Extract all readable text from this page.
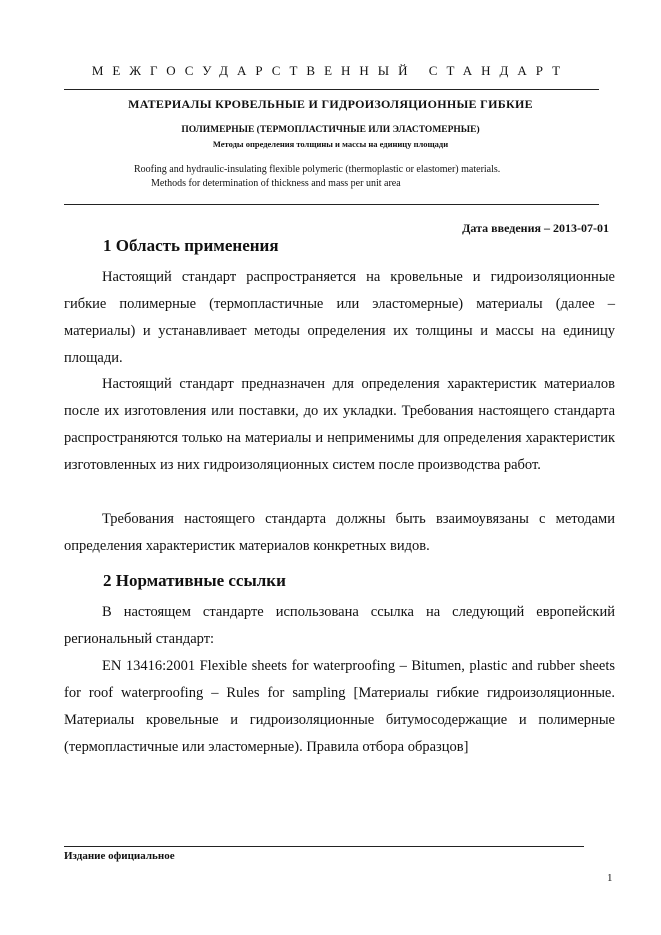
МЕЖГОСУДАРСТВЕННЫЙ СТАНДАРТ
МАТЕРИАЛЫ КРОВЕЛЬНЫЕ И ГИДРОИЗОЛЯЦИОННЫЕ ГИБКИЕ
ПОЛИМЕРНЫЕ (ТЕРМОПЛАСТИЧНЫЕ ИЛИ ЭЛАСТОМЕРНЫЕ)
Методы определения толщины и массы на единицу площади
Roofing and hydraulic-insulating flexible polymeric (thermoplastic or elastomer) materials.
Methods for determination of thickness and mass per unit area
Дата введения – 2013-07-01
1 Область применения

Настоящий стандарт распространяется на кровельные и гидроизоляционные гибкие полимерные (термопластичные или эластомерные) материалы (далее – материалы) и устанавливает методы определения их толщины и массы на единицу площади.

Настоящий стандарт предназначен для определения характеристик материалов после их изготовления или поставки, до их укладки. Требования настоящего стандарта распространяются только на материалы и неприменимы для определения характеристик изготовленных из них гидроизоляционных систем после производства работ.

Требования настоящего стандарта должны быть взаимоувязаны с методами определения характеристик материалов конкретных видов.

2 Нормативные ссылки

В настоящем стандарте использована ссылка на следующий европейский региональный стандарт:

EN 13416:2001 Flexible sheets for waterproofing – Bitumen, plastic and rubber sheets for roof waterproofing – Rules for sampling [Материалы гибкие гидроизоляционные. Материалы кровельные и гидроизоляционные битумосодержащие и полимерные (термопластичные или эластомерные). Правила отбора образцов]

Издание официальное
1
